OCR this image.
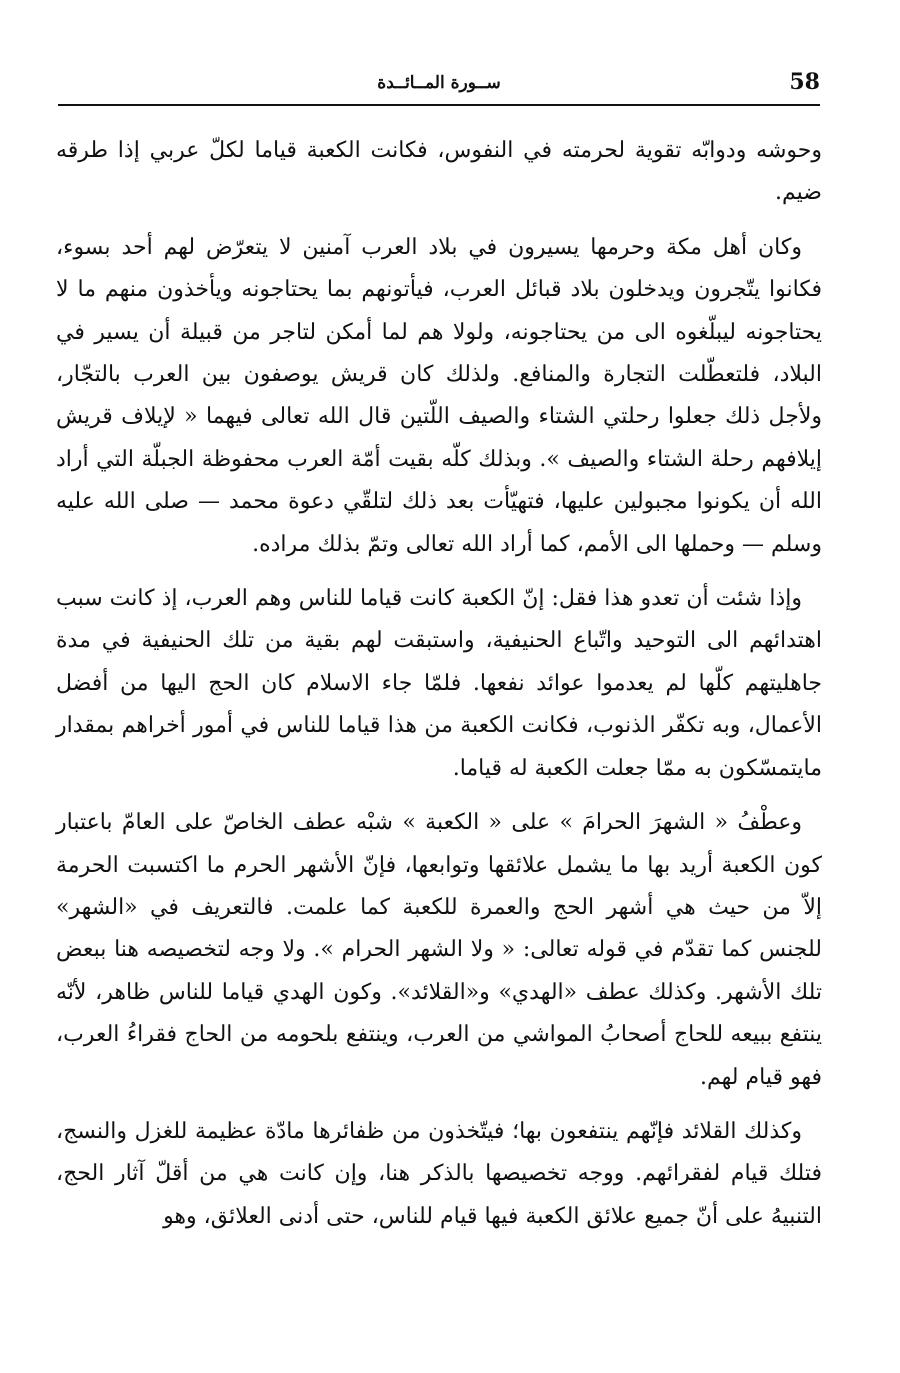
58
ســورة المــائــدة

وحوشه ودوابّه تقوية لحرمته في النفوس، فكانت الكعبة قياما لكلّ عربي إذا طرقه ضيم.

وكان أهل مكة وحرمها يسيرون في بلاد العرب آمنين لا يتعرّض لهم أحد بسوء، فكانوا يتّجرون ويدخلون بلاد قبائل العرب، فيأتونهم بما يحتاجونه ويأخذون منهم ما لا يحتاجونه ليبلّغوه الى من يحتاجونه، ولولا هم لما أمكن لتاجر من قبيلة أن يسير في البلاد، فلتعطّلت التجارة والمنافع. ولذلك كان قريش يوصفون بين العرب بالتجّار، ولأجل ذلك جعلوا رحلتي الشتاء والصيف اللّتين قال الله تعالى فيهما « لإيلاف قريش إيلافهم رحلة الشتاء والصيف ». وبذلك كلّه بقيت أمّة العرب محفوظة الجبلّة التي أراد الله أن يكونوا مجبولين عليها، فتهيّأت بعد ذلك لتلقّي دعوة محمد — صلى الله عليه وسلم — وحملها الى الأمم، كما أراد الله تعالى وتمّ بذلك مراده.

وإذا شئت أن تعدو هذا فقل: إنّ الكعبة كانت قياما للناس وهم العرب، إذ كانت سبب اهتدائهم الى التوحيد واتّباع الحنيفية، واستبقت لهم بقية من تلك الحنيفية في مدة جاهليتهم كلّها لم يعدموا عوائد نفعها. فلمّا جاء الاسلام كان الحج اليها من أفضل الأعمال، وبه تكفّر الذنوب، فكانت الكعبة من هذا قياما للناس في أمور أخراهم بمقدار مايتمسّكون به ممّا جعلت الكعبة له قياما.

وعطْفُ « الشهرَ الحرامَ » على « الكعبة » شبْه عطف الخاصّ على العامّ باعتبار كون الكعبة أريد بها ما يشمل علائقها وتوابعها، فإنّ الأشهر الحرم ما اكتسبت الحرمة إلاّ من حيث هي أشهر الحج والعمرة للكعبة كما علمت. فالتعريف في «الشهر» للجنس كما تقدّم في قوله تعالى: « ولا الشهر الحرام ». ولا وجه لتخصيصه هنا ببعض تلك الأشهر. وكذلك عطف «الهدي» و«القلائد». وكون الهدي قياما للناس ظاهر، لأنّه ينتفع ببيعه للحاج أصحابُ المواشي من العرب، وينتفع بلحومه من الحاج فقراءُ العرب، فهو قيام لهم.

وكذلك القلائد فإنّهم ينتفعون بها؛ فيتّخذون من ظفائرها مادّة عظيمة للغزل والنسج، فتلك قيام لفقرائهم. ووجه تخصيصها بالذكر هنا، وإن كانت هي من أقلّ آثار الحج، التنبيهُ على أنّ جميع علائق الكعبة فيها قيام للناس، حتى أدنى العلائق، وهو
